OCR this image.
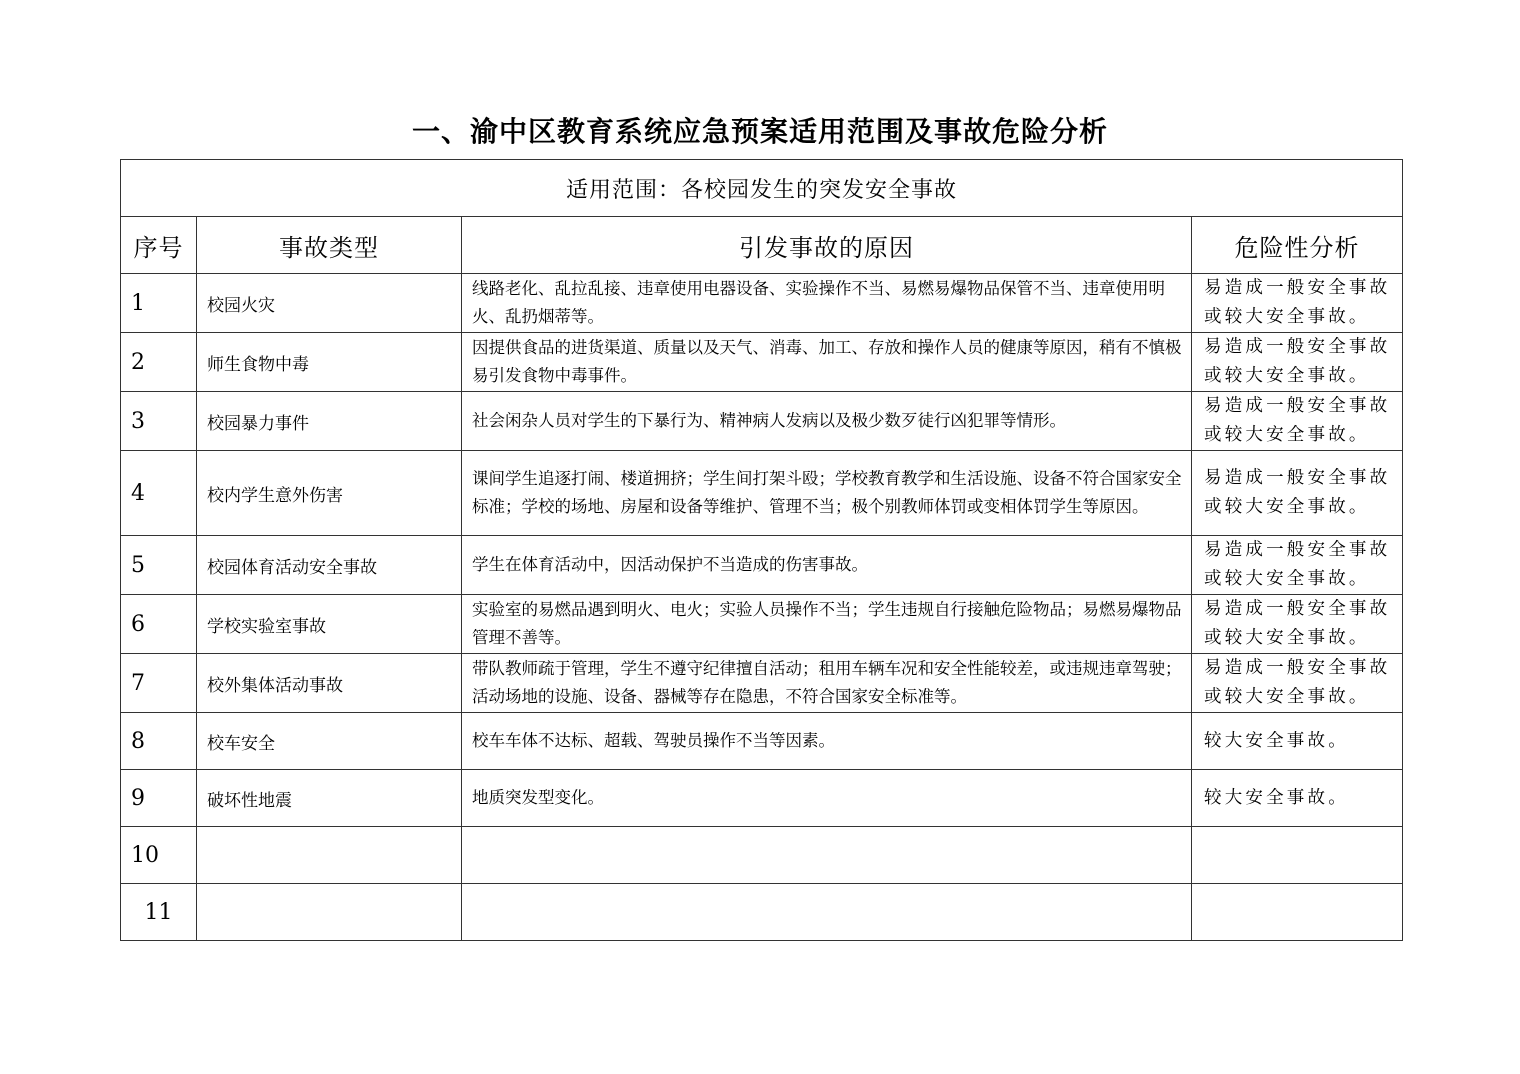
一、渝中区教育系统应急预案适用范围及事故危险分析
适用范围：各校园发生的突发安全事故			
序号	事故类型	引发事故的原因	危险性分析
1	校园火灾	线路老化、乱拉乱接、违章使用电器设备、实验操作不当、易燃易爆物品保管不当、违章使用明火、乱扔烟蒂等。	易造成一般安全事故或较大安全事故。
2	师生食物中毒	因提供食品的进货渠道、质量以及天气、消毒、加工、存放和操作人员的健康等原因，稍有不慎极易引发食物中毒事件。	易造成一般安全事故或较大安全事故。
3	校园暴力事件	社会闲杂人员对学生的下暴行为、精神病人发病以及极少数歹徒行凶犯罪等情形。	易造成一般安全事故或较大安全事故。
4	校内学生意外伤害	课间学生追逐打闹、楼道拥挤；学生间打架斗殴；学校教育教学和生活设施、设备不符合国家安全标准；学校的场地、房屋和设备等维护、管理不当；极个别教师体罚或变相体罚学生等原因。	易造成一般安全事故或较大安全事故。
5	校园体育活动安全事故	学生在体育活动中，因活动保护不当造成的伤害事故。	易造成一般安全事故或较大安全事故。
6	学校实验室事故	实验室的易燃品遇到明火、电火；实验人员操作不当；学生违规自行接触危险物品；易燃易爆物品管理不善等。	易造成一般安全事故或较大安全事故。
7	校外集体活动事故	带队教师疏于管理，学生不遵守纪律擅自活动；租用车辆车况和安全性能较差，或违规违章驾驶；活动场地的设施、设备、器械等存在隐患，不符合国家安全标准等。	易造成一般安全事故或较大安全事故。
8	校车安全	校车车体不达标、超载、驾驶员操作不当等因素。	较大安全事故。
9	破坏性地震	地质突发型变化。	较大安全事故。
10			
11			
